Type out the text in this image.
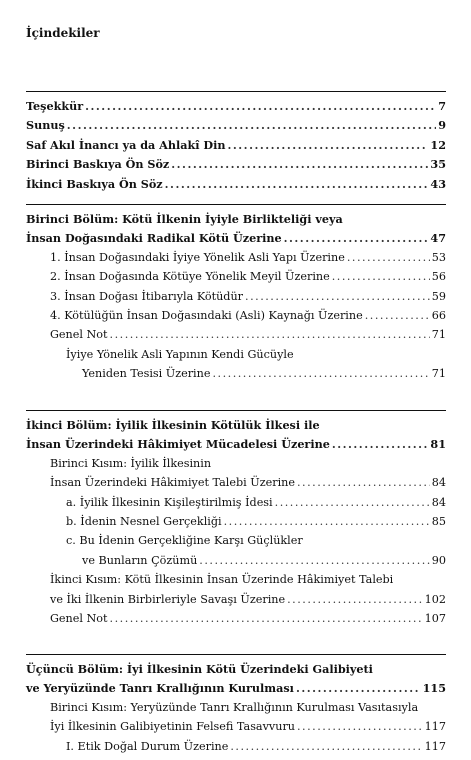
İçindekiler
Teşekkür .....	7
Sunuş .....	9
Saf Akıl İnancı ya da Ahlakî Din .....	12
Birinci Baskıya Ön Söz .....	35
İkinci Baskıya Ön Söz .....	43
Birinci Bölüm: Kötü İlkenin İyiyle Birlikteliği veya
İnsan Doğasındaki Radikal Kötü Üzerine .....	47
1. İnsan Doğasındaki İyiye Yönelik Asli Yapı Üzerine .....	53
2. İnsan Doğasında Kötüye Yönelik Meyil Üzerine .....	56
3. İnsan Doğası İtibarıyla Kötüdür .....	59
4. Kötülüğün İnsan Doğasındaki (Asli) Kaynağı Üzerine .....	66
Genel Not .....	71
İyiye Yönelik Asli Yapının Kendi Gücüyle
Yeniden Tesisi Üzerine .....	71
İkinci Bölüm: İyilik İlkesinin Kötülük İlkesi ile
İnsan Üzerindeki Hâkimiyet Mücadelesi Üzerine .....	81
Birinci Kısım: İyilik İlkesinin
İnsan Üzerindeki Hâkimiyet Talebi Üzerine .....	84
a. İyilik İlkesinin Kişileştirilmiş İdesi .....	84
b. İdenin Nesnel Gerçekliği .....	85
c. Bu İdenin Gerçekliğine Karşı Güçlükler
ve Bunların Çözümü .....	90
İkinci Kısım: Kötü İlkesinin İnsan Üzerinde Hâkimiyet Talebi
ve İki İlkenin Birbirleriyle Savaşı Üzerine .....	102
Genel Not .....	107
Üçüncü Bölüm: İyi İlkesinin Kötü Üzerindeki Galibiyeti
ve Yeryüzünde Tanrı Krallığının Kurulması .....	115
Birinci Kısım: Yeryüzünde Tanrı Krallığının Kurulması Vasıtasıyla
İyi İlkesinin Galibiyetinin Felsefi Tasavvuru .....	117
I. Etik Doğal Durum Üzerine .....	117
